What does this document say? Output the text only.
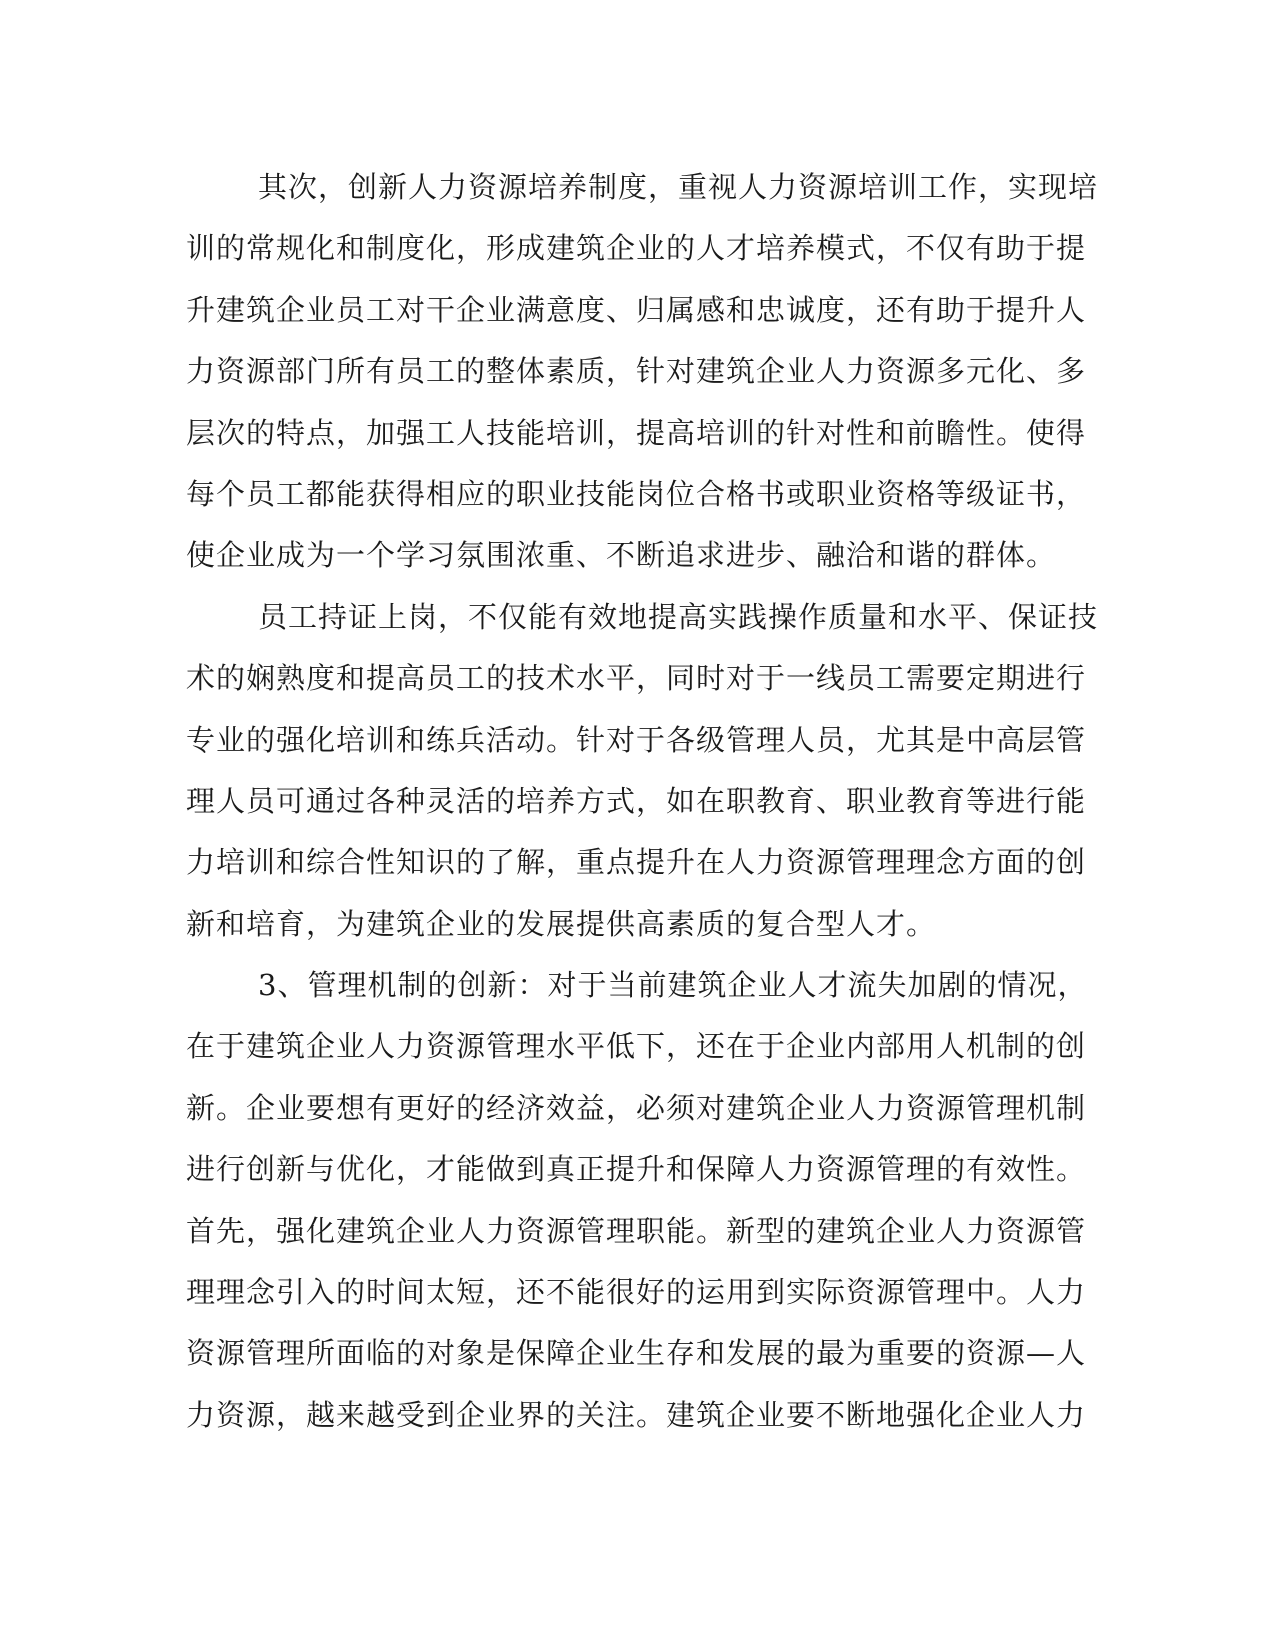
其次，创新人力资源培养制度，重视人力资源培训工作，实现培
训的常规化和制度化，形成建筑企业的人才培养模式，不仅有助于提
升建筑企业员工对干企业满意度、归属感和忠诚度，还有助于提升人
力资源部门所有员工的整体素质，针对建筑企业人力资源多元化、多
层次的特点，加强工人技能培训，提高培训的针对性和前瞻性。使得
每个员工都能获得相应的职业技能岗位合格书或职业资格等级证书，
使企业成为一个学习氛围浓重、不断追求进步、融洽和谐的群体。
员工持证上岗，不仅能有效地提高实践操作质量和水平、保证技
术的娴熟度和提高员工的技术水平，同时对于一线员工需要定期进行
专业的强化培训和练兵活动。针对于各级管理人员，尤其是中高层管
理人员可通过各种灵活的培养方式，如在职教育、职业教育等进行能
力培训和综合性知识的了解，重点提升在人力资源管理理念方面的创
新和培育，为建筑企业的发展提供高素质的复合型人才。
3、管理机制的创新：对于当前建筑企业人才流失加剧的情况，
在于建筑企业人力资源管理水平低下，还在于企业内部用人机制的创
新。企业要想有更好的经济效益，必须对建筑企业人力资源管理机制
进行创新与优化，才能做到真正提升和保障人力资源管理的有效性。
首先，强化建筑企业人力资源管理职能。新型的建筑企业人力资源管
理理念引入的时间太短，还不能很好的运用到实际资源管理中。人力
资源管理所面临的对象是保障企业生存和发展的最为重要的资源—人
力资源，越来越受到企业界的关注。建筑企业要不断地强化企业人力
